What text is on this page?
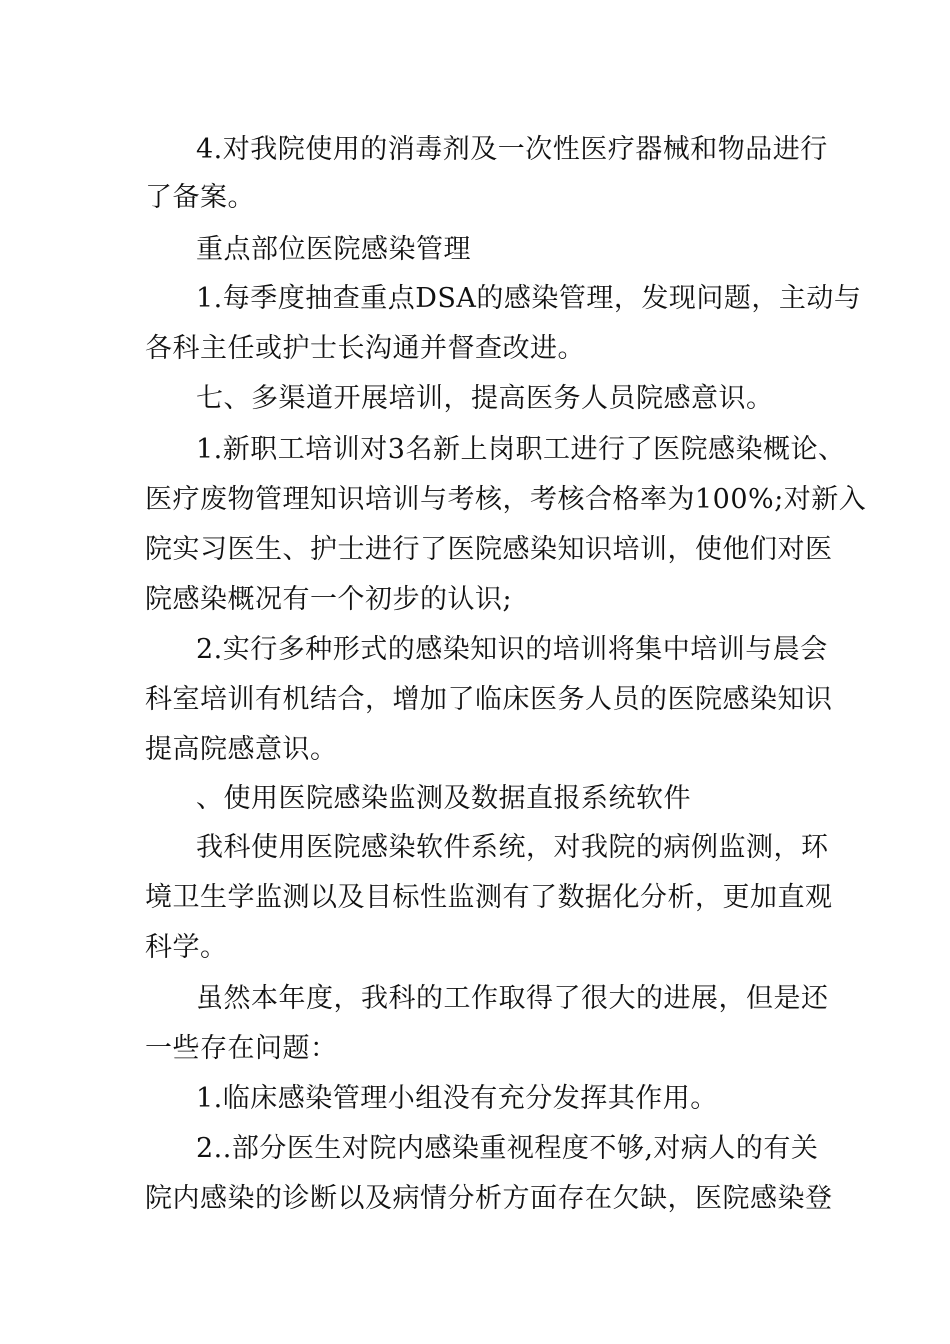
4.对我院使用的消毒剂及一次性医疗器械和物品进行
了备案。
重点部位医院感染管理
1.每季度抽查重点DSA的感染管理，发现问题，主动与
各科主任或护士长沟通并督查改进。
七、多渠道开展培训，提高医务人员院感意识。
1.新职工培训对3名新上岗职工进行了医院感染概论、
医疗废物管理知识培训与考核，考核合格率为100%;对新入
院实习医生、护士进行了医院感染知识培训，使他们对医
院感染概况有一个初步的认识;
2.实行多种形式的感染知识的培训将集中培训与晨会
科室培训有机结合，增加了临床医务人员的医院感染知识
提高院感意识。
、使用医院感染监测及数据直报系统软件
我科使用医院感染软件系统，对我院的病例监测，环
境卫生学监测以及目标性监测有了数据化分析，更加直观
科学。
虽然本年度，我科的工作取得了很大的进展，但是还
一些存在问题：
1.临床感染管理小组没有充分发挥其作用。
2..部分医生对院内感染重视程度不够,对病人的有关
院内感染的诊断以及病情分析方面存在欠缺，医院感染登
